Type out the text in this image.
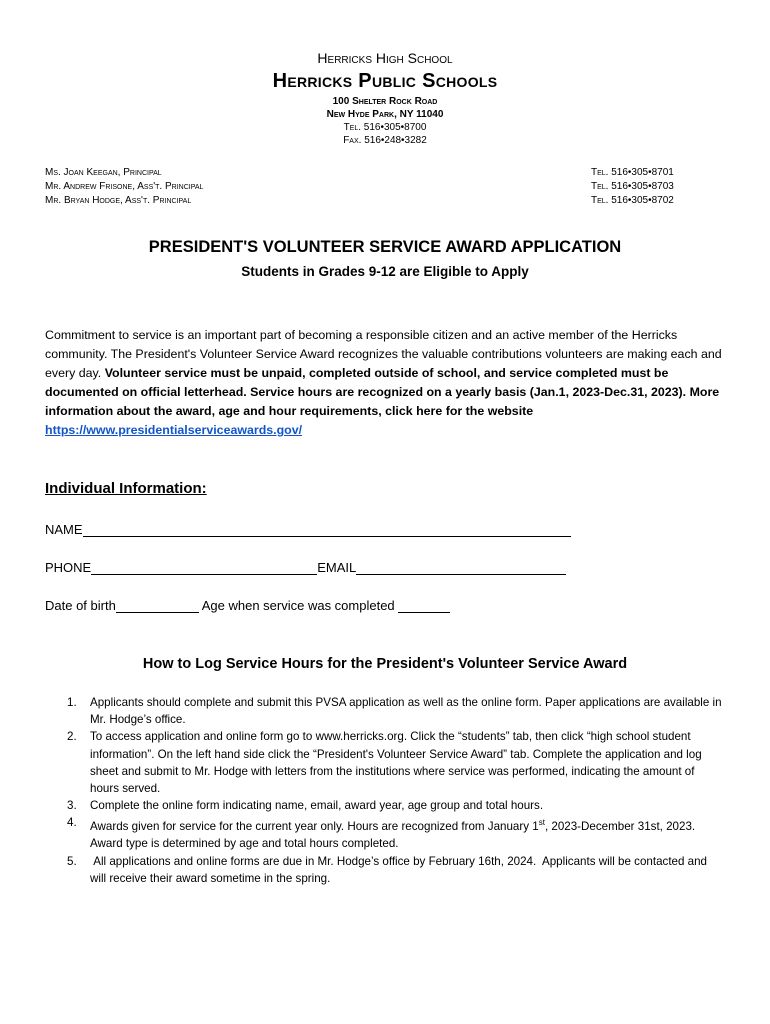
Herricks High School
Herricks Public Schools
100 Shelter Rock Road
New Hyde Park, NY 11040
Tel. 516•305•8700
Fax. 516•248•3282
Ms. Joan Keegan, Principal
Mr. Andrew Frisone, Ass't. Principal
Mr. Bryan Hodge, Ass't. Principal
Tel. 516•305•8701
Tel. 516•305•8703
Tel. 516•305•8702
PRESIDENT'S VOLUNTEER SERVICE AWARD APPLICATION
Students in Grades 9-12 are Eligible to Apply
Commitment to service is an important part of becoming a responsible citizen and an active member of the Herricks community. The President's Volunteer Service Award recognizes the valuable contributions volunteers are making each and every day. Volunteer service must be unpaid, completed outside of school, and service completed must be documented on official letterhead. Service hours are recognized on a yearly basis (Jan.1, 2023-Dec.31, 2023). More information about the award, age and hour requirements, click here for the website https://www.presidentialserviceawards.gov/
Individual Information:
NAME
PHONE	EMAIL
Date of birth	Age when service was completed
How to Log Service Hours for the President's Volunteer Service Award
1. Applicants should complete and submit this PVSA application as well as the online form. Paper applications are available in Mr. Hodge’s office.
2. To access application and online form go to www.herricks.org. Click the “students” tab, then click “high school student information”. On the left hand side click the “President's Volunteer Service Award” tab. Complete the application and log sheet and submit to Mr. Hodge with letters from the institutions where service was performed, indicating the amount of hours served.
3. Complete the online form indicating name, email, award year, age group and total hours.
4. Awards given for service for the current year only. Hours are recognized from January 1st, 2023-December 31st, 2023. Award type is determined by age and total hours completed.
5. All applications and online forms are due in Mr. Hodge’s office by February 16th, 2024.  Applicants will be contacted and will receive their award sometime in the spring.
